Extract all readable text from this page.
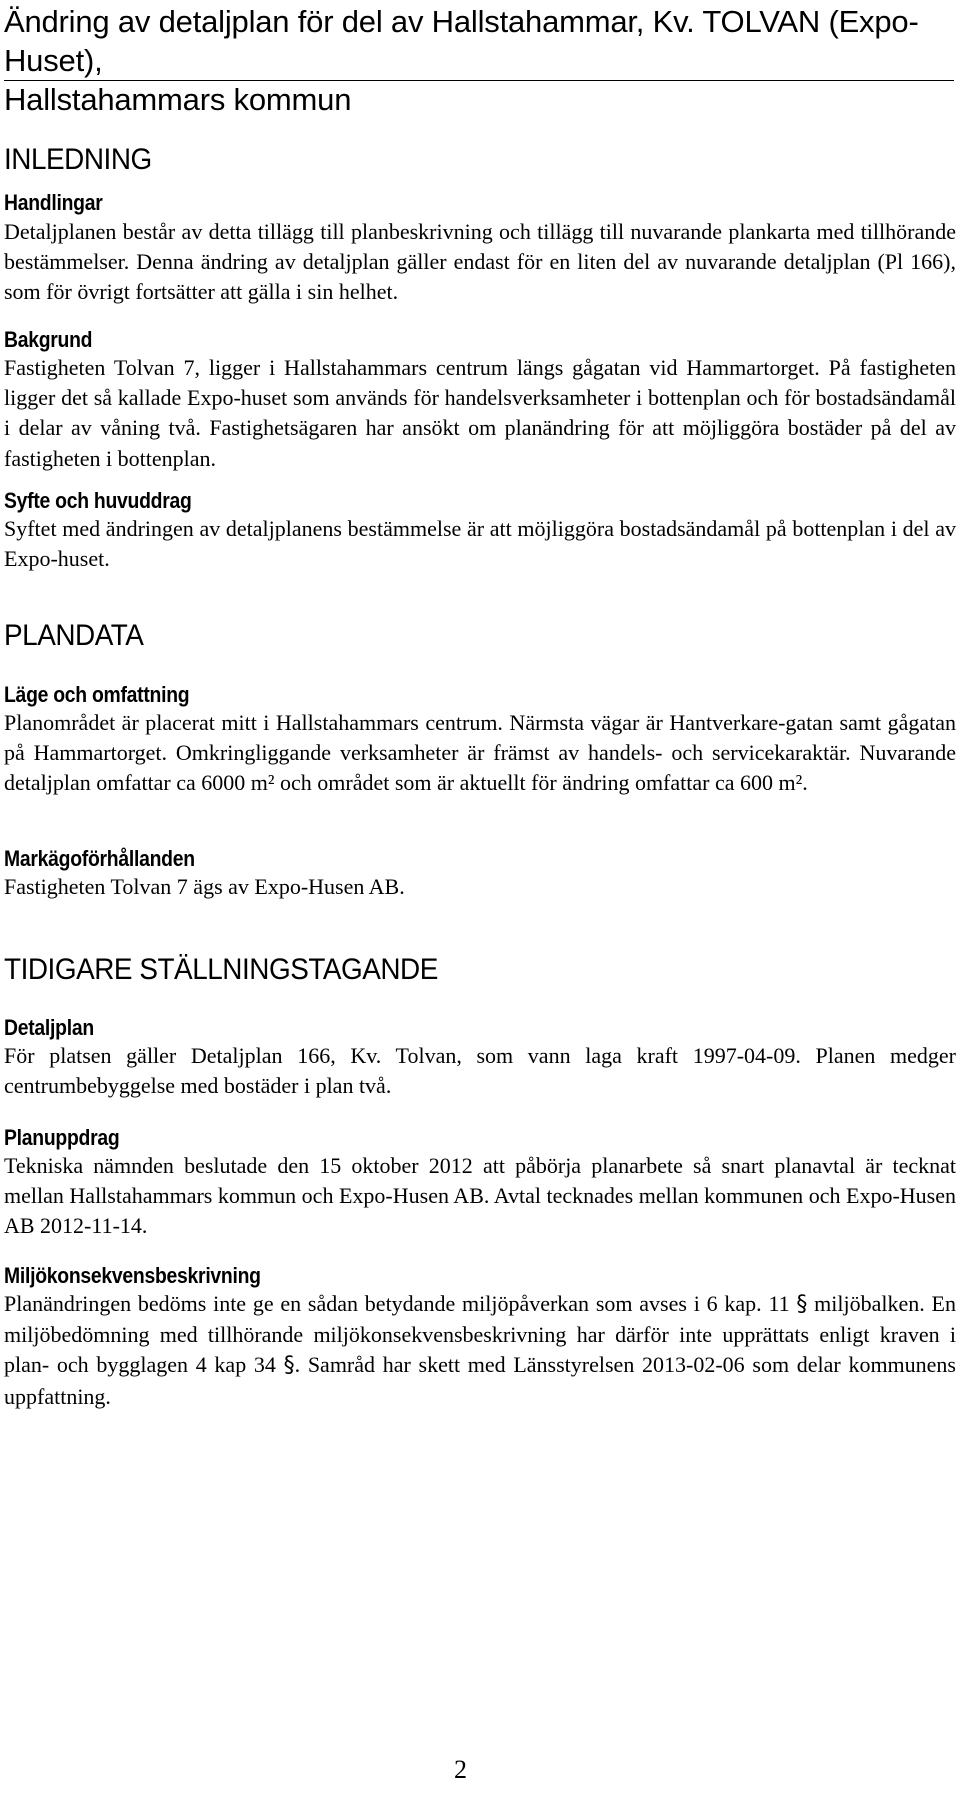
Ändring av detaljplan för del av Hallstahammar, Kv. TOLVAN (Expo-Huset),
Hallstahammars kommun
INLEDNING
Handlingar

Detaljplanen består av detta tillägg till planbeskrivning och tillägg till nuvarande plankarta med tillhörande bestämmelser. Denna ändring av detaljplan gäller endast för en liten del av nuvarande detaljplan (Pl 166), som för övrigt fortsätter att gälla i sin helhet.

Bakgrund

Fastigheten Tolvan 7, ligger i Hallstahammars centrum längs gågatan vid Hammartorget. På fastigheten ligger det så kallade Expo-huset som används för handelsverksamheter i bottenplan och för bostadsändamål i delar av våning två. Fastighetsägaren har ansökt om planändring för att möjliggöra bostäder på del av fastigheten i bottenplan.

Syfte och huvuddrag

Syftet med ändringen av detaljplanens bestämmelse är att möjliggöra bostadsändamål på bottenplan i del av Expo-huset.

PLANDATA
Läge och omfattning

Planområdet är placerat mitt i Hallstahammars centrum. Närmsta vägar är Hantverkare-gatan samt gågatan på Hammartorget. Omkringliggande verksamheter är främst av handels- och servicekaraktär. Nuvarande detaljplan omfattar ca 6000 m² och området som är aktuellt för ändring omfattar ca 600 m².

Markägoförhållanden

Fastigheten Tolvan 7 ägs av Expo-Husen AB.

TIDIGARE STÄLLNINGSTAGANDE
Detaljplan

För platsen gäller Detaljplan 166, Kv. Tolvan, som vann laga kraft 1997-04-09. Planen medger centrumbebyggelse med bostäder i plan två.

Planuppdrag

Tekniska nämnden beslutade den 15 oktober 2012 att påbörja planarbete så snart planavtal är tecknat mellan Hallstahammars kommun och Expo-Husen AB. Avtal tecknades mellan kommunen och Expo-Husen AB 2012-11-14.

Miljökonsekvensbeskrivning

Planändringen bedöms inte ge en sådan betydande miljöpåverkan som avses i 6 kap. 11 § miljöbalken. En miljöbedömning med tillhörande miljökonsekvensbeskrivning har därför inte upprättats enligt kraven i plan- och bygglagen 4 kap 34 §. Samråd har skett med Länsstyrelsen 2013-02-06 som delar kommunens uppfattning.

2
